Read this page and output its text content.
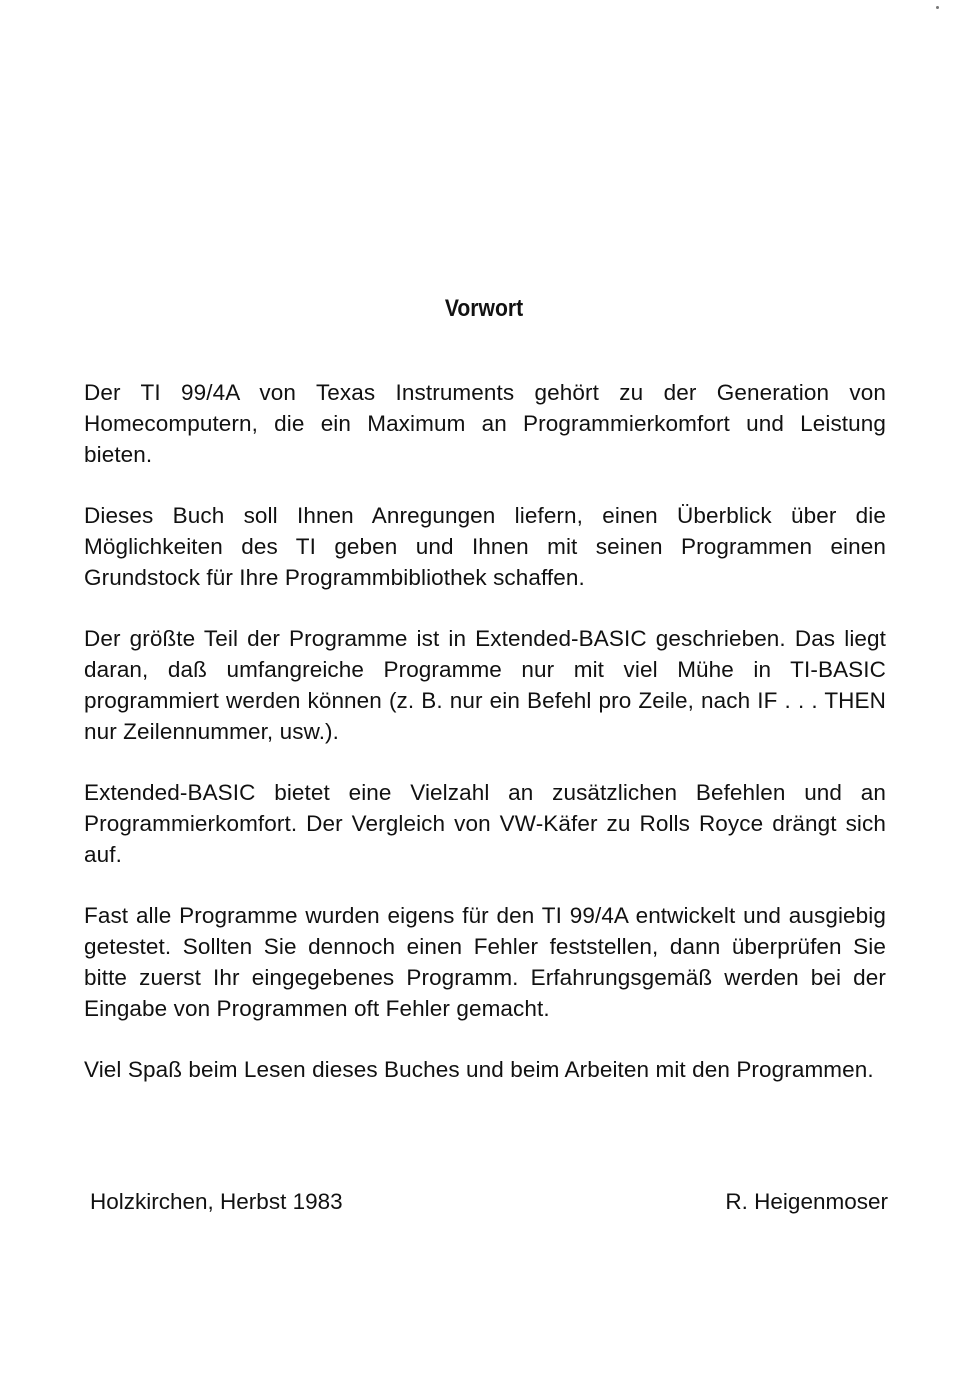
Vorwort

Der TI 99/4A von Texas Instruments gehört zu der Generation von Homecomputern, die ein Maximum an Programmierkomfort und Leistung bieten.

Dieses Buch soll Ihnen Anregungen liefern, einen Überblick über die Möglichkeiten des TI geben und Ihnen mit seinen Programmen einen Grundstock für Ihre Programmbibliothek schaffen.

Der größte Teil der Programme ist in Extended-BASIC geschrieben. Das liegt daran, daß umfangreiche Programme nur mit viel Mühe in TI-BASIC programmiert werden können (z. B. nur ein Befehl pro Zeile, nach IF . . . THEN nur Zeilennummer, usw.).

Extended-BASIC bietet eine Vielzahl an zusätzlichen Befehlen und an Programmierkomfort. Der Vergleich von VW-Käfer zu Rolls Royce drängt sich auf.

Fast alle Programme wurden eigens für den TI 99/4A entwickelt und ausgiebig getestet. Sollten Sie dennoch einen Fehler feststellen, dann überprüfen Sie bitte zuerst Ihr eingegebenes Programm. Erfahrungsgemäß werden bei der Eingabe von Programmen oft Fehler gemacht.

Viel Spaß beim Lesen dieses Buches und beim Arbeiten mit den Programmen.

Holzkirchen, Herbst 1983	R. Heigenmoser
